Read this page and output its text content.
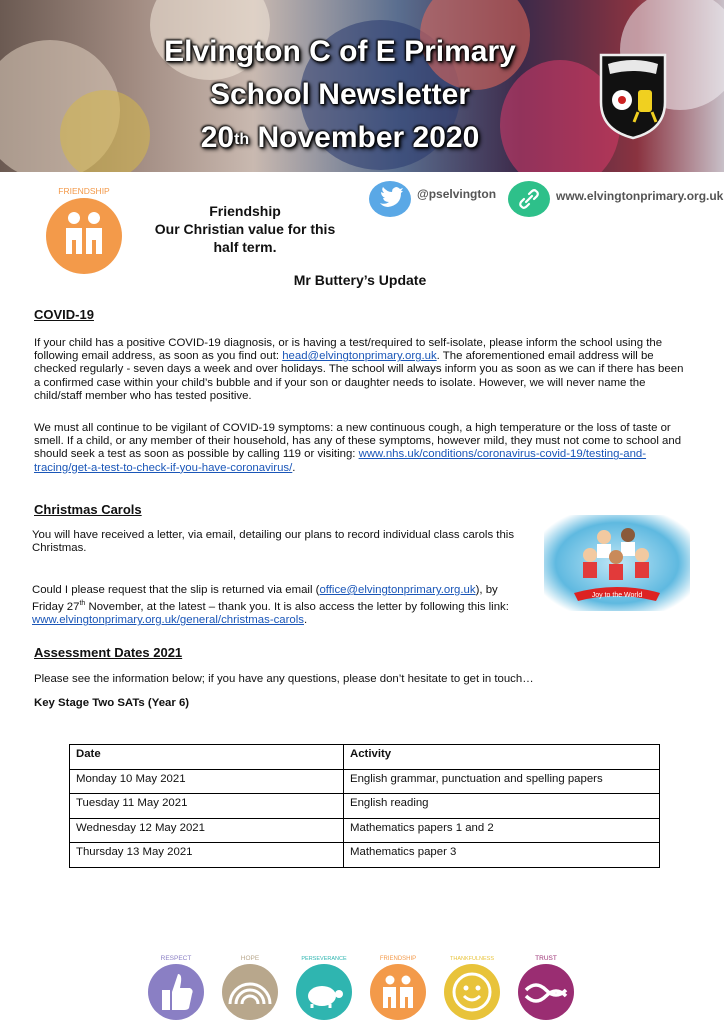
Elvington C of E Primary
School Newsletter
20th November 2020
FRIENDSHIP
Friendship
Our Christian value for this
half term.
@pselvington	www.elvingtonprimary.org.uk
Mr Buttery’s Update
COVID-19
If your child has a positive COVID-19 diagnosis, or is having a test/required to self-isolate, please inform the school using the following email address, as soon as you find out: head@elvingtonprimary.org.uk. The aforementioned email address will be checked regularly - seven days a week and over holidays. The school will always inform you as soon as we can if there has been a confirmed case within your child’s bubble and if your son or daughter needs to isolate. However, we will never name the child/staff member who has tested positive.
We must all continue to be vigilant of COVID-19 symptoms: a new continuous cough, a high temperature or the loss of taste or smell. If a child, or any member of their household, has any of these symptoms, however mild, they must not come to school and should seek a test as soon as possible by calling 119 or visiting: www.nhs.uk/conditions/coronavirus-covid-19/testing-and-tracing/get-a-test-to-check-if-you-have-coronavirus/.
Christmas Carols
You will have received a letter, via email, detailing our plans to record individual class carols this Christmas.
Could I please request that the slip is returned via email (office@elvingtonprimary.org.uk), by Friday 27th November, at the latest – thank you. It is also access the letter by following this link: www.elvingtonprimary.org.uk/general/christmas-carols.
Joy to the World
Assessment Dates 2021
Please see the information below; if you have any questions, please don’t hesitate to get in touch…
Key Stage Two SATs (Year 6)
Date	Activity
Monday 10 May 2021	English grammar, punctuation and spelling papers
Tuesday 11 May 2021	English reading
Wednesday 12 May 2021	Mathematics papers 1 and 2
Thursday 13 May 2021	Mathematics paper 3
RESPECT	HOPE	PERSEVERANCE	FRIENDSHIP	THANKFULNESS	TRUST
